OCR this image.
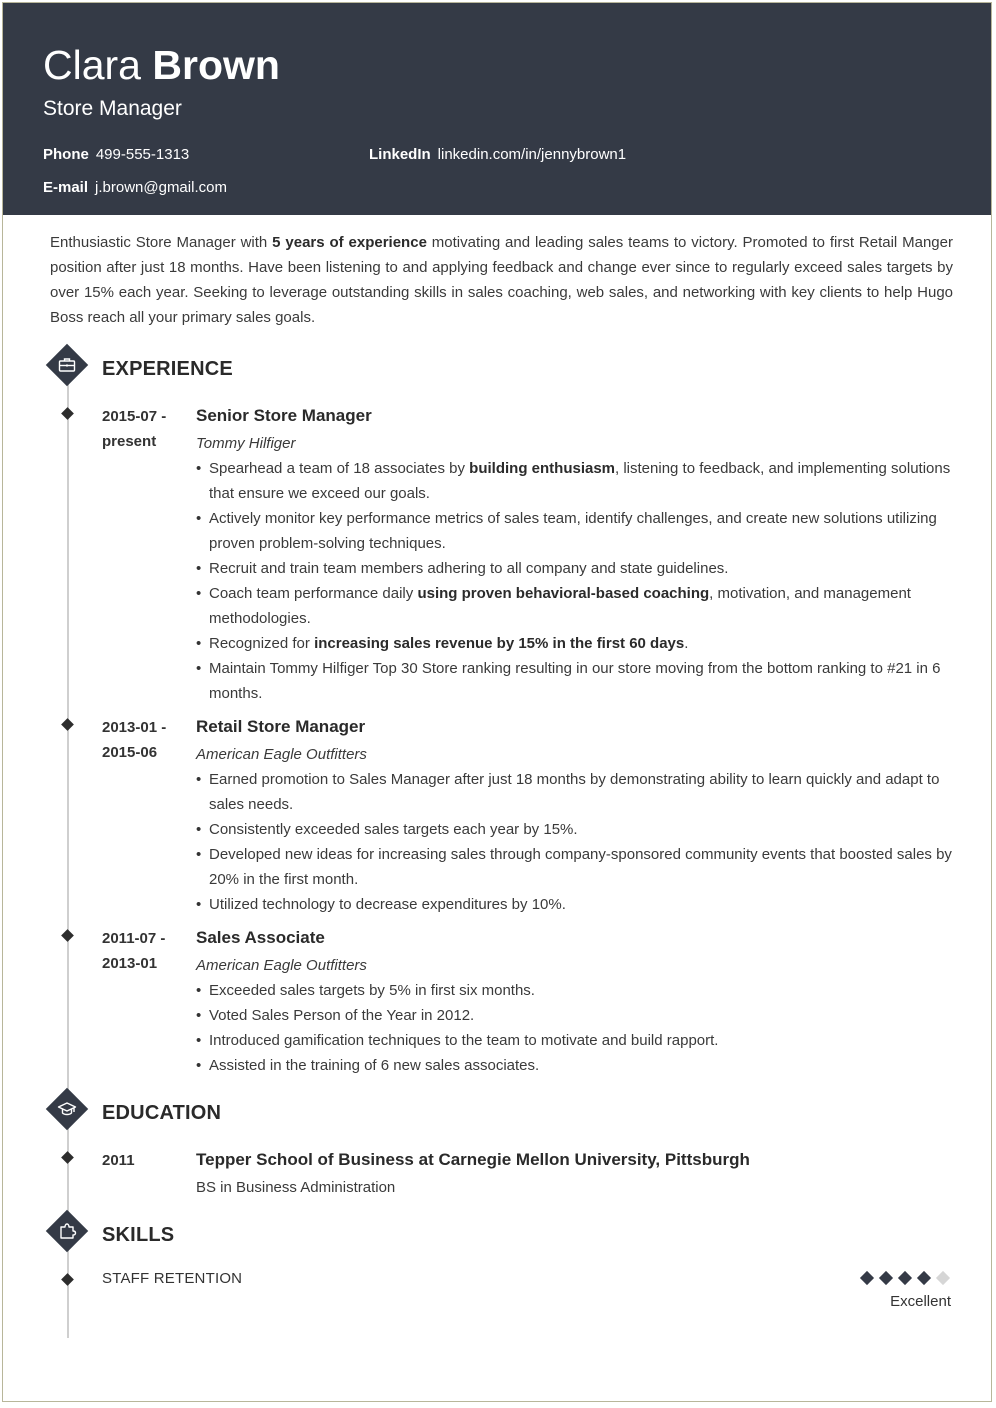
Clara Brown
Store Manager
Phone 499-555-1313	LinkedIn linkedin.com/in/jennybrown1
E-mail j.brown@gmail.com
Enthusiastic Store Manager with 5 years of experience motivating and leading sales teams to victory. Promoted to first Retail Manger position after just 18 months. Have been listening to and applying feedback and change ever since to regularly exceed sales targets by over 15% each year. Seeking to leverage outstanding skills in sales coaching, web sales, and networking with key clients to help Hugo Boss reach all your primary sales goals.
EXPERIENCE
2015-07 -
present
Senior Store Manager
Tommy Hilfiger
• Spearhead a team of 18 associates by building enthusiasm, listening to feedback, and implementing solutions that ensure we exceed our goals.
• Actively monitor key performance metrics of sales team, identify challenges, and create new solutions utilizing proven problem-solving techniques.
• Recruit and train team members adhering to all company and state guidelines.
• Coach team performance daily using proven behavioral-based coaching, motivation, and management methodologies.
• Recognized for increasing sales revenue by 15% in the first 60 days.
• Maintain Tommy Hilfiger Top 30 Store ranking resulting in our store moving from the bottom ranking to #21 in 6 months.
2013-01 -
2015-06
Retail Store Manager
American Eagle Outfitters
• Earned promotion to Sales Manager after just 18 months by demonstrating ability to learn quickly and adapt to sales needs.
• Consistently exceeded sales targets each year by 15%.
• Developed new ideas for increasing sales through company-sponsored community events that boosted sales by 20% in the first month.
• Utilized technology to decrease expenditures by 10%.
2011-07 -
2013-01
Sales Associate
American Eagle Outfitters
• Exceeded sales targets by 5% in first six months.
• Voted Sales Person of the Year in 2012.
• Introduced gamification techniques to the team to motivate and build rapport.
• Assisted in the training of 6 new sales associates.
EDUCATION
2011	Tepper School of Business at Carnegie Mellon University, Pittsburgh
BS in Business Administration
SKILLS
STAFF RETENTION
Excellent
